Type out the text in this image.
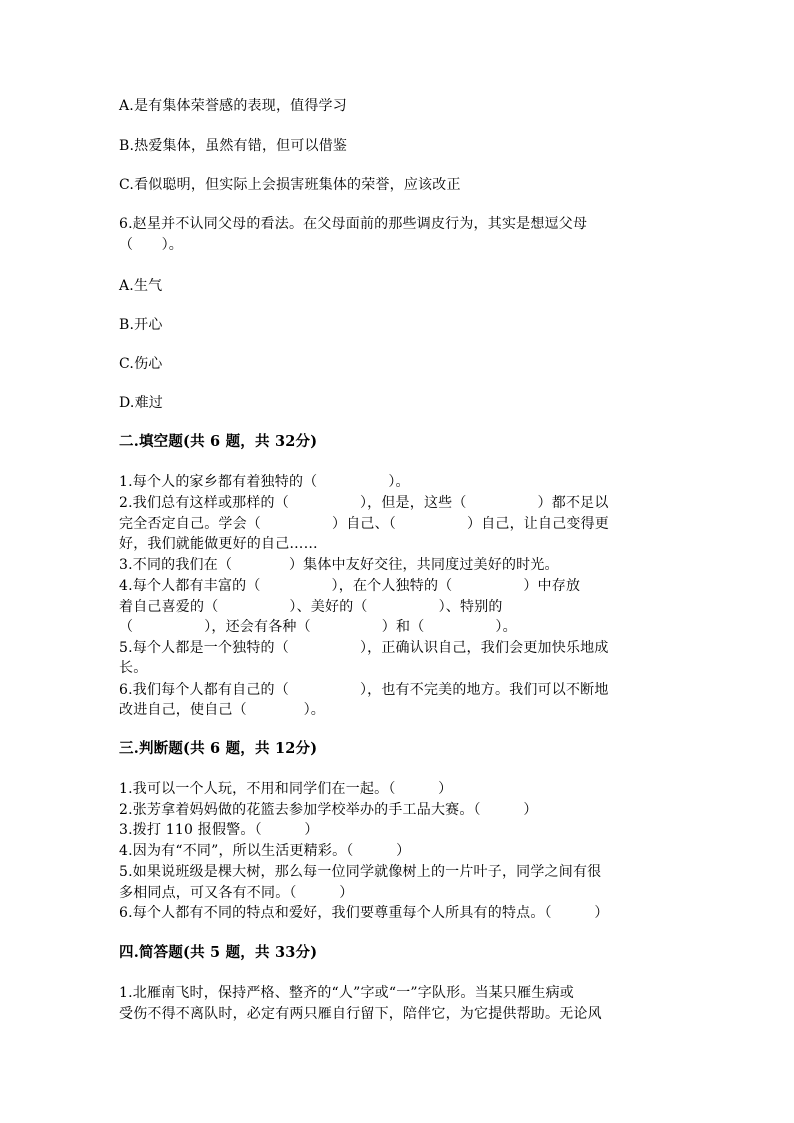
A.是有集体荣誉感的表现，值得学习
B.热爱集体，虽然有错，但可以借鉴
C.看似聪明，但实际上会损害班集体的荣誉，应该改正
6.赵星并不认同父母的看法。在父母面前的那些调皮行为，其实是想逗父母
（　　）。
A.生气
B.开心
C.伤心
D.难过
二.填空题(共 6 题，共 32分)
1.每个人的家乡都有着独特的（　　　　　）。
2.我们总有这样或那样的（　　　　　），但是，这些（　　　　　）都不足以
完全否定自己。学会（　　　　　）自己、（　　　　　）自己，让自己变得更
好，我们就能做更好的自己……
3.不同的我们在（　　　　）集体中友好交往，共同度过美好的时光。
4.每个人都有丰富的（　　　　　），在个人独特的（　　　　　）中存放
着自己喜爱的（　　　　　）、美好的（　　　　　）、特别的
（　　　　　），还会有各种（　　　　　）和（　　　　　）。
5.每个人都是一个独特的（　　　　　），正确认识自己，我们会更加快乐地成
长。
6.我们每个人都有自己的（　　　　　），也有不完美的地方。我们可以不断地
改进自己，使自己（　　　　）。
三.判断题(共 6 题，共 12分)
1.我可以一个人玩，不用和同学们在一起。（　　　）
2.张芳拿着妈妈做的花篮去参加学校举办的手工品大赛。（　　　）
3.拨打 110 报假警。（　　　）
4.因为有“不同”，所以生活更精彩。（　　　）
5.如果说班级是棵大树，那么每一位同学就像树上的一片叶子，同学之间有很
多相同点，可又各有不同。（　　　）
6.每个人都有不同的特点和爱好，我们要尊重每个人所具有的特点。（　　　）
四.简答题(共 5 题，共 33分)
1.北雁南飞时，保持严格、整齐的“人”字或“一”字队形。当某只雁生病或
受伤不得不离队时，必定有两只雁自行留下，陪伴它，为它提供帮助。无论风
